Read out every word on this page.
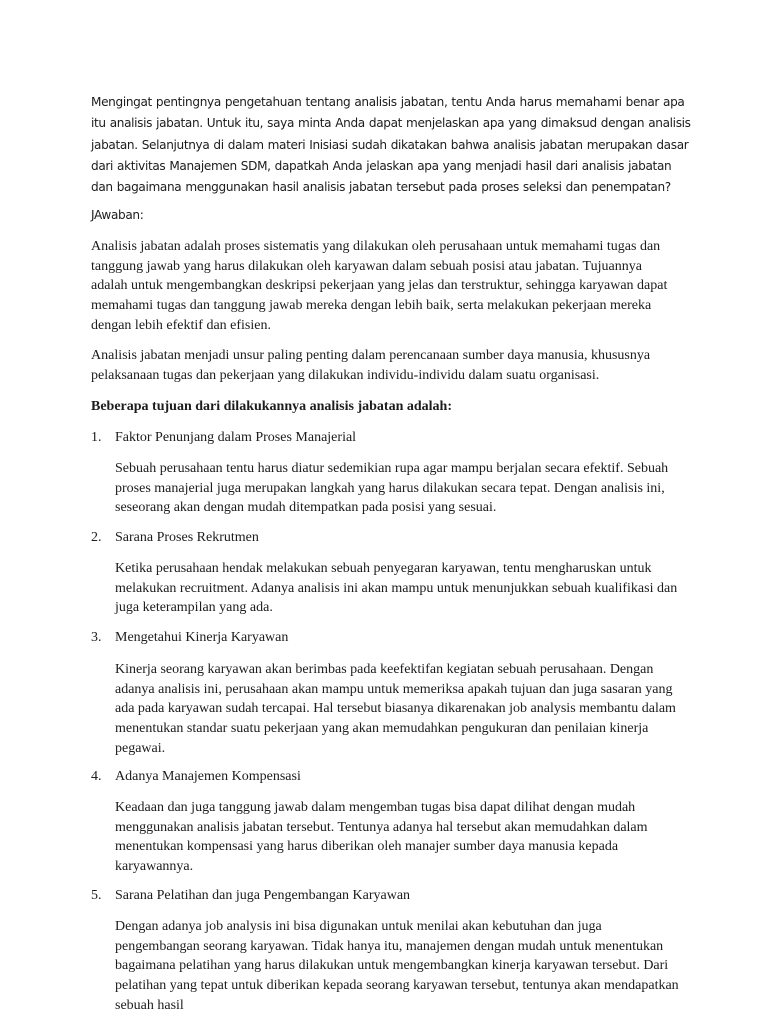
Mengingat pentingnya pengetahuan tentang analisis jabatan, tentu Anda harus memahami benar apa itu analisis jabatan. Untuk itu, saya minta Anda dapat menjelaskan apa yang dimaksud dengan analisis jabatan. Selanjutnya di dalam materi Inisiasi sudah dikatakan bahwa analisis jabatan merupakan dasar dari aktivitas Manajemen SDM, dapatkah Anda jelaskan apa yang menjadi hasil dari analisis jabatan dan bagaimana menggunakan hasil analisis jabatan tersebut pada proses seleksi dan penempatan?

JAwaban:

Analisis jabatan adalah proses sistematis yang dilakukan oleh perusahaan untuk memahami tugas dan tanggung jawab yang harus dilakukan oleh karyawan dalam sebuah posisi atau jabatan. Tujuannya adalah untuk mengembangkan deskripsi pekerjaan yang jelas dan terstruktur, sehingga karyawan dapat memahami tugas dan tanggung jawab mereka dengan lebih baik, serta melakukan pekerjaan mereka dengan lebih efektif dan efisien.

Analisis jabatan menjadi unsur paling penting dalam perencanaan sumber daya manusia, khususnya pelaksanaan tugas dan pekerjaan yang dilakukan individu-individu dalam suatu organisasi.

Beberapa tujuan dari dilakukannya analisis jabatan adalah:

1. Faktor Penunjang dalam Proses Manajerial

Sebuah perusahaan tentu harus diatur sedemikian rupa agar mampu berjalan secara efektif. Sebuah proses manajerial juga merupakan langkah yang harus dilakukan secara tepat. Dengan analisis ini, seseorang akan dengan mudah ditempatkan pada posisi yang sesuai.

2. Sarana Proses Rekrutmen

Ketika perusahaan hendak melakukan sebuah penyegaran karyawan, tentu mengharuskan untuk melakukan recruitment. Adanya analisis ini akan mampu untuk menunjukkan sebuah kualifikasi dan juga keterampilan yang ada.

3. Mengetahui Kinerja Karyawan

Kinerja seorang karyawan akan berimbas pada keefektifan kegiatan sebuah perusahaan. Dengan adanya analisis ini, perusahaan akan mampu untuk memeriksa apakah tujuan dan juga sasaran yang ada pada karyawan sudah tercapai. Hal tersebut biasanya dikarenakan job analysis membantu dalam menentukan standar suatu pekerjaan yang akan memudahkan pengukuran dan penilaian kinerja pegawai.

4. Adanya Manajemen Kompensasi

Keadaan dan juga tanggung jawab dalam mengemban tugas bisa dapat dilihat dengan mudah menggunakan analisis jabatan tersebut. Tentunya adanya hal tersebut akan memudahkan dalam menentukan kompensasi yang harus diberikan oleh manajer sumber daya manusia kepada karyawannya.

5. Sarana Pelatihan dan juga Pengembangan Karyawan

Dengan adanya job analysis ini bisa digunakan untuk menilai akan kebutuhan dan juga pengembangan seorang karyawan. Tidak hanya itu, manajemen dengan mudah untuk menentukan bagaimana pelatihan yang harus dilakukan untuk mengembangkan kinerja karyawan tersebut. Dari pelatihan yang tepat untuk diberikan kepada seorang karyawan tersebut, tentunya akan mendapatkan sebuah hasil
